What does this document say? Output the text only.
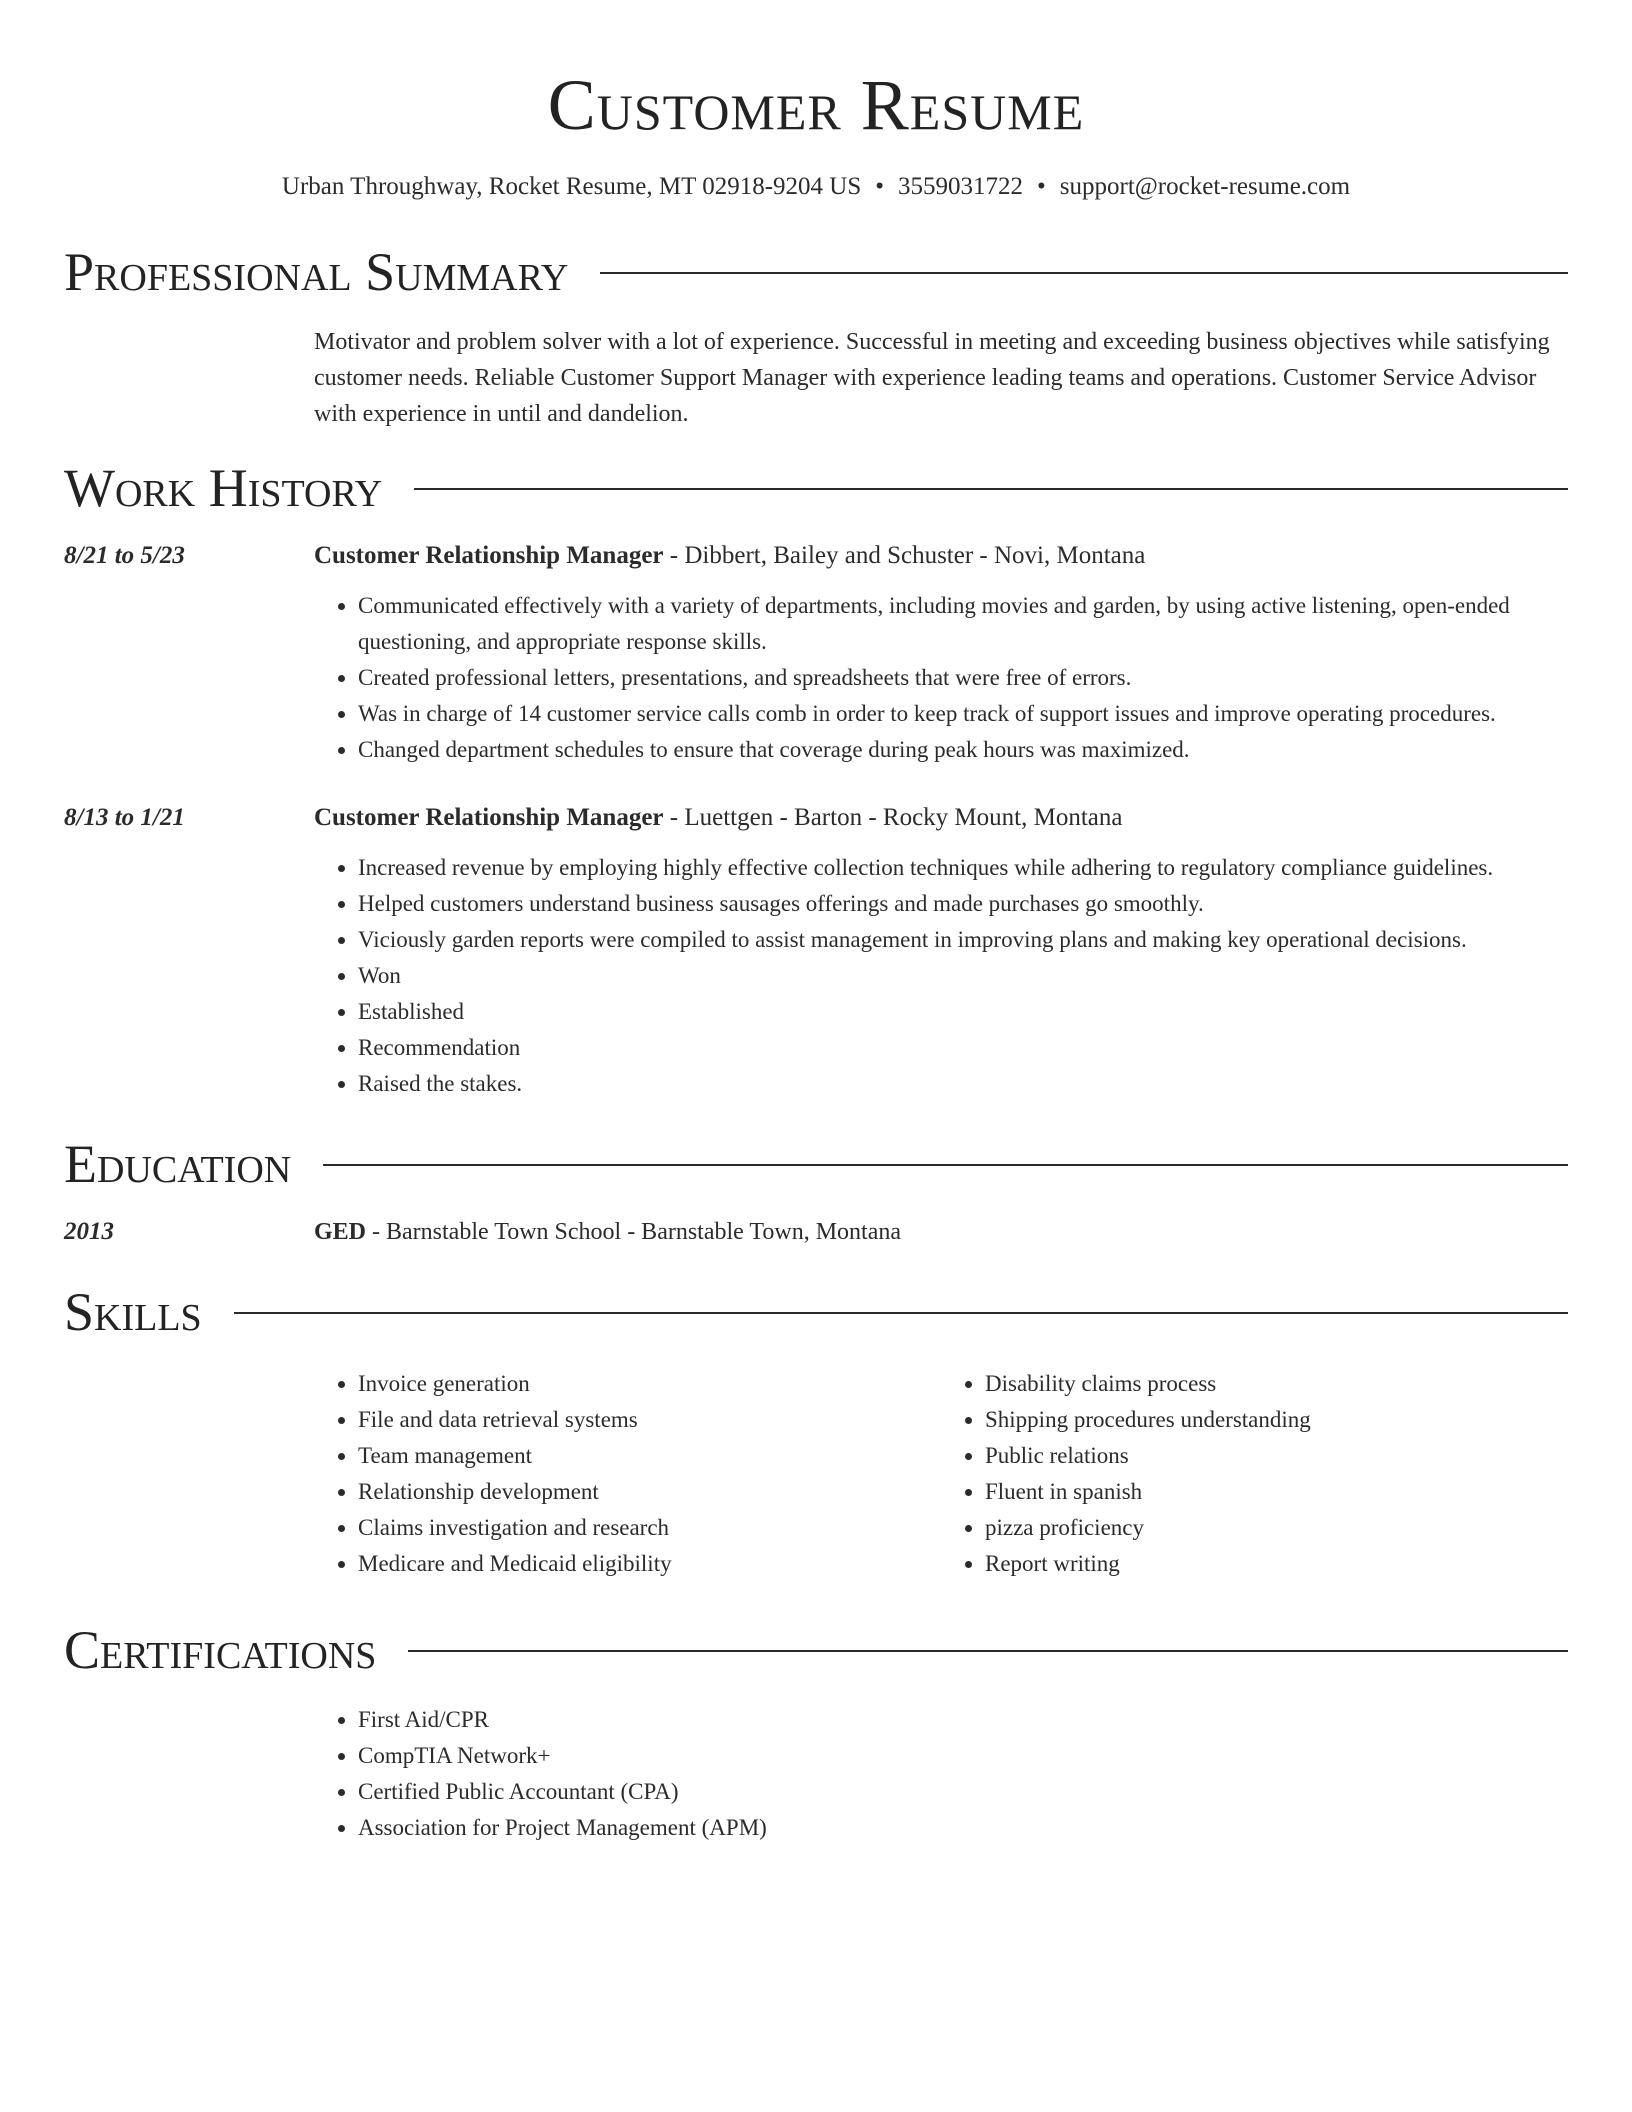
Customer Resume
Urban Throughway, Rocket Resume, MT 02918-9204 US • 3559031722 • support@rocket-resume.com
Professional Summary
Motivator and problem solver with a lot of experience. Successful in meeting and exceeding business objectives while satisfying customer needs. Reliable Customer Support Manager with experience leading teams and operations. Customer Service Advisor with experience in until and dandelion.
Work History
8/21 to 5/23	Customer Relationship Manager - Dibbert, Bailey and Schuster - Novi, Montana
• Communicated effectively with a variety of departments, including movies and garden, by using active listening, open-ended questioning, and appropriate response skills.
• Created professional letters, presentations, and spreadsheets that were free of errors.
• Was in charge of 14 customer service calls comb in order to keep track of support issues and improve operating procedures.
• Changed department schedules to ensure that coverage during peak hours was maximized.
8/13 to 1/21	Customer Relationship Manager - Luettgen - Barton - Rocky Mount, Montana
• Increased revenue by employing highly effective collection techniques while adhering to regulatory compliance guidelines.
• Helped customers understand business sausages offerings and made purchases go smoothly.
• Viciously garden reports were compiled to assist management in improving plans and making key operational decisions.
• Won
• Established
• Recommendation
• Raised the stakes.
Education
2013	GED - Barnstable Town School - Barnstable Town, Montana
Skills
• Invoice generation
• File and data retrieval systems
• Team management
• Relationship development
• Claims investigation and research
• Medicare and Medicaid eligibility
• Disability claims process
• Shipping procedures understanding
• Public relations
• Fluent in spanish
• pizza proficiency
• Report writing
Certifications
• First Aid/CPR
• CompTIA Network+
• Certified Public Accountant (CPA)
• Association for Project Management (APM)
